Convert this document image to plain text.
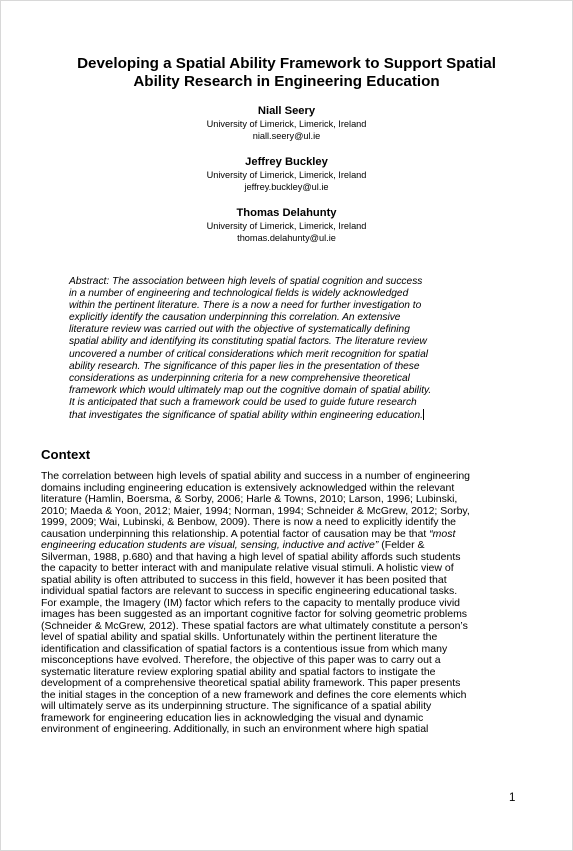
Developing a Spatial Ability Framework to Support Spatial
Ability Research in Engineering Education
Niall Seery
University of Limerick, Limerick, Ireland
niall.seery@ul.ie
Jeffrey Buckley
University of Limerick, Limerick, Ireland
jeffrey.buckley@ul.ie
Thomas Delahunty
University of Limerick, Limerick, Ireland
thomas.delahunty@ul.ie
Abstract: The association between high levels of spatial cognition and success
in a number of engineering and technological fields is widely acknowledged
within the pertinent literature. There is a now a need for further investigation to
explicitly identify the causation underpinning this correlation. An extensive
literature review was carried out with the objective of systematically defining
spatial ability and identifying its constituting spatial factors. The literature review
uncovered a number of critical considerations which merit recognition for spatial
ability research. The significance of this paper lies in the presentation of these
considerations as underpinning criteria for a new comprehensive theoretical
framework which would ultimately map out the cognitive domain of spatial ability.
It is anticipated that such a framework could be used to guide future research
that investigates the significance of spatial ability within engineering education.
Context
The correlation between high levels of spatial ability and success in a number of engineering
domains including engineering education is extensively acknowledged within the relevant
literature (Hamlin, Boersma, & Sorby, 2006; Harle & Towns, 2010; Larson, 1996; Lubinski,
2010; Maeda & Yoon, 2012; Maier, 1994; Norman, 1994; Schneider & McGrew, 2012; Sorby,
1999, 2009; Wai, Lubinski, & Benbow, 2009). There is now a need to explicitly identify the
causation underpinning this relationship. A potential factor of causation may be that “most
engineering education students are visual, sensing, inductive and active” (Felder &
Silverman, 1988, p.680) and that having a high level of spatial ability affords such students
the capacity to better interact with and manipulate relative visual stimuli. A holistic view of
spatial ability is often attributed to success in this field, however it has been posited that
individual spatial factors are relevant to success in specific engineering educational tasks.
For example, the Imagery (IM) factor which refers to the capacity to mentally produce vivid
images has been suggested as an important cognitive factor for solving geometric problems
(Schneider & McGrew, 2012). These spatial factors are what ultimately constitute a person’s
level of spatial ability and spatial skills. Unfortunately within the pertinent literature the
identification and classification of spatial factors is a contentious issue from which many
misconceptions have evolved. Therefore, the objective of this paper was to carry out a
systematic literature review exploring spatial ability and spatial factors to instigate the
development of a comprehensive theoretical spatial ability framework. This paper presents
the initial stages in the conception of a new framework and defines the core elements which
will ultimately serve as its underpinning structure. The significance of a spatial ability
framework for engineering education lies in acknowledging the visual and dynamic
environment of engineering. Additionally, in such an environment where high spatial
1
